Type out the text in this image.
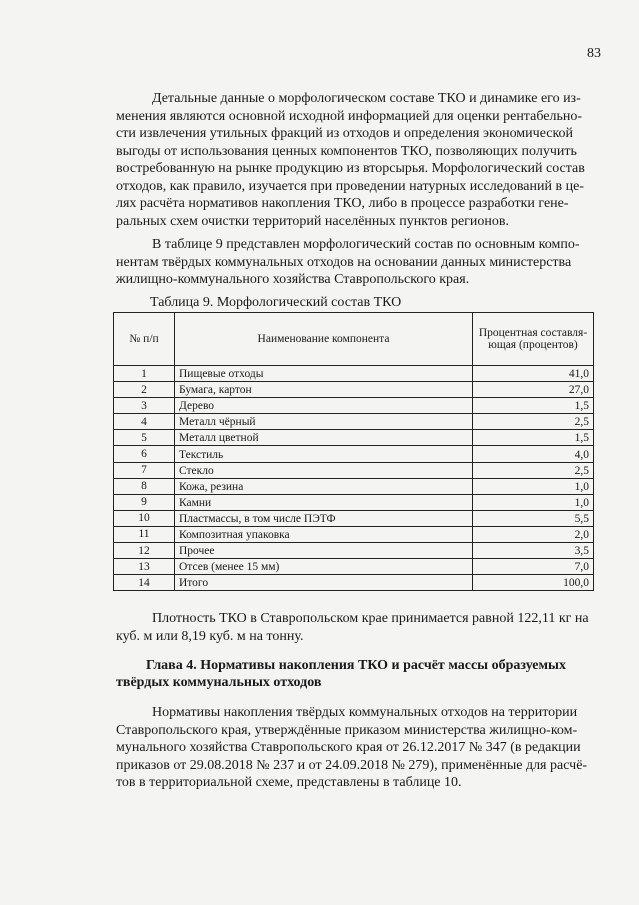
83
Детальные данные о морфологическом составе ТКО и динамике его из-
менения являются основной исходной информацией для оценки рентабельно-
сти извлечения утильных фракций из отходов и определения экономической
выгоды от использования ценных компонентов ТКО, позволяющих получить
востребованную на рынке продукцию из вторсырья. Морфологический состав
отходов, как правило, изучается при проведении натурных исследований в це-
лях расчёта нормативов накопления ТКО, либо в процессе разработки гене-
ральных схем очистки территорий населённых пунктов регионов.
В таблице 9 представлен морфологический состав по основным компо-
нентам твёрдых коммунальных отходов на основании данных министерства
жилищно-коммунального хозяйства Ставропольского края.
Таблица 9. Морфологический состав ТКО
№ п/п	Наименование компонента	Процентная составля-ющая (процентов)
1	Пищевые отходы	41,0
2	Бумага, картон	27,0
3	Дерево	1,5
4	Металл чёрный	2,5
5	Металл цветной	1,5
6	Текстиль	4,0
7	Стекло	2,5
8	Кожа, резина	1,0
9	Камни	1,0
10	Пластмассы, в том числе ПЭТФ	5,5
11	Композитная упаковка	2,0
12	Прочее	3,5
13	Отсев (менее 15 мм)	7,0
14	Итого	100,0
Плотность ТКО в Ставропольском крае принимается равной 122,11 кг на
куб. м или 8,19 куб. м на тонну.
Глава 4. Нормативы накопления ТКО и расчёт массы образуемых
твёрдых коммунальных отходов
Нормативы накопления твёрдых коммунальных отходов на территории
Ставропольского края, утверждённые приказом министерства жилищно-ком-
мунального хозяйства Ставропольского края от 26.12.2017 № 347 (в редакции
приказов от 29.08.2018 № 237 и от 24.09.2018 № 279), применённые для расчё-
тов в территориальной схеме, представлены в таблице 10.
